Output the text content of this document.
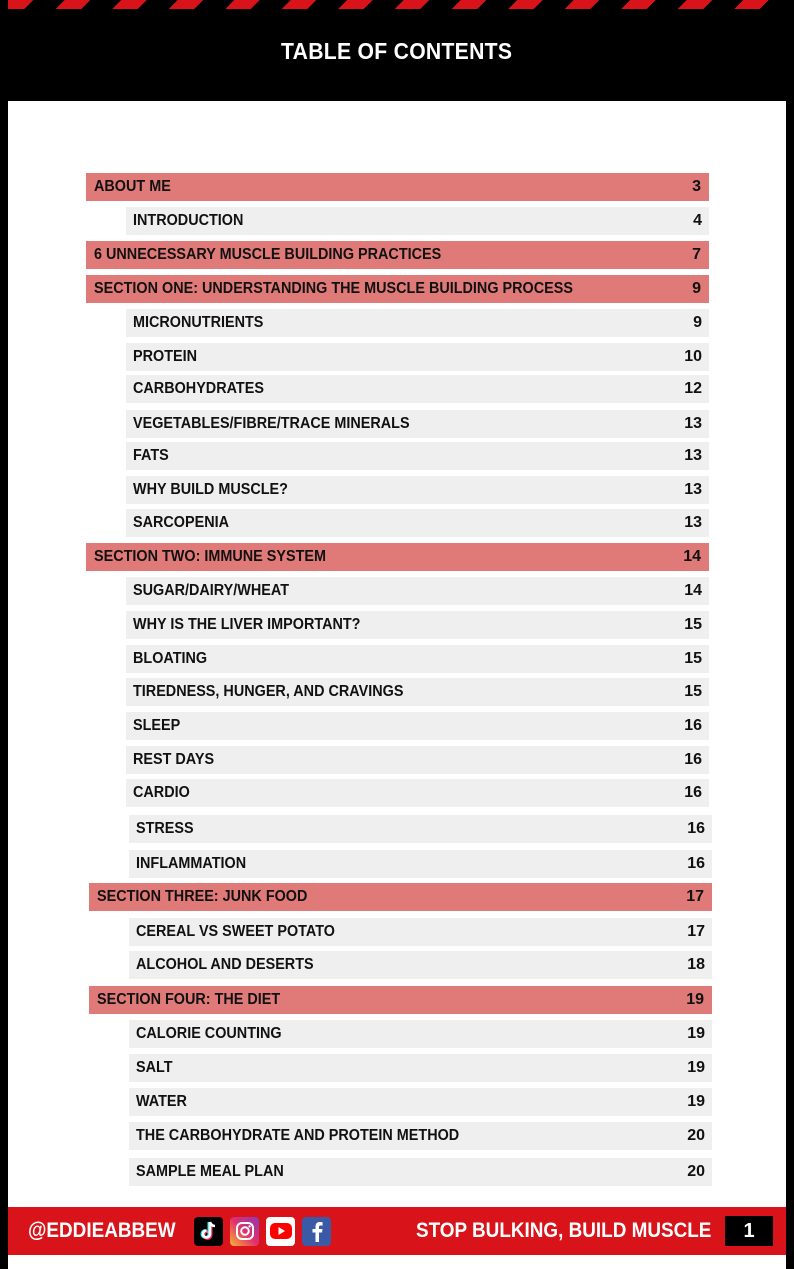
TABLE OF CONTENTS
ABOUT ME	3
INTRODUCTION	4
6 UNNECESSARY MUSCLE BUILDING PRACTICES	7
SECTION ONE: UNDERSTANDING THE MUSCLE BUILDING PROCESS	9
MICRONUTRIENTS	9
PROTEIN	10
CARBOHYDRATES	12
VEGETABLES/FIBRE/TRACE MINERALS	13
FATS	13
WHY BUILD MUSCLE?	13
SARCOPENIA	13
SECTION TWO: IMMUNE SYSTEM	14
SUGAR/DAIRY/WHEAT	14
WHY IS THE LIVER IMPORTANT?	15
BLOATING	15
TIREDNESS, HUNGER, AND CRAVINGS	15
SLEEP	16
REST DAYS	16
CARDIO	16
STRESS	16
INFLAMMATION	16
SECTION THREE: JUNK FOOD	17
CEREAL VS SWEET POTATO	17
ALCOHOL AND DESERTS	18
SECTION FOUR: THE DIET	19
CALORIE COUNTING	19
SALT	19
WATER	19
THE CARBOHYDRATE AND PROTEIN METHOD	20
SAMPLE MEAL PLAN	20
@EDDIEABBEW	STOP BULKING, BUILD MUSCLE	1
